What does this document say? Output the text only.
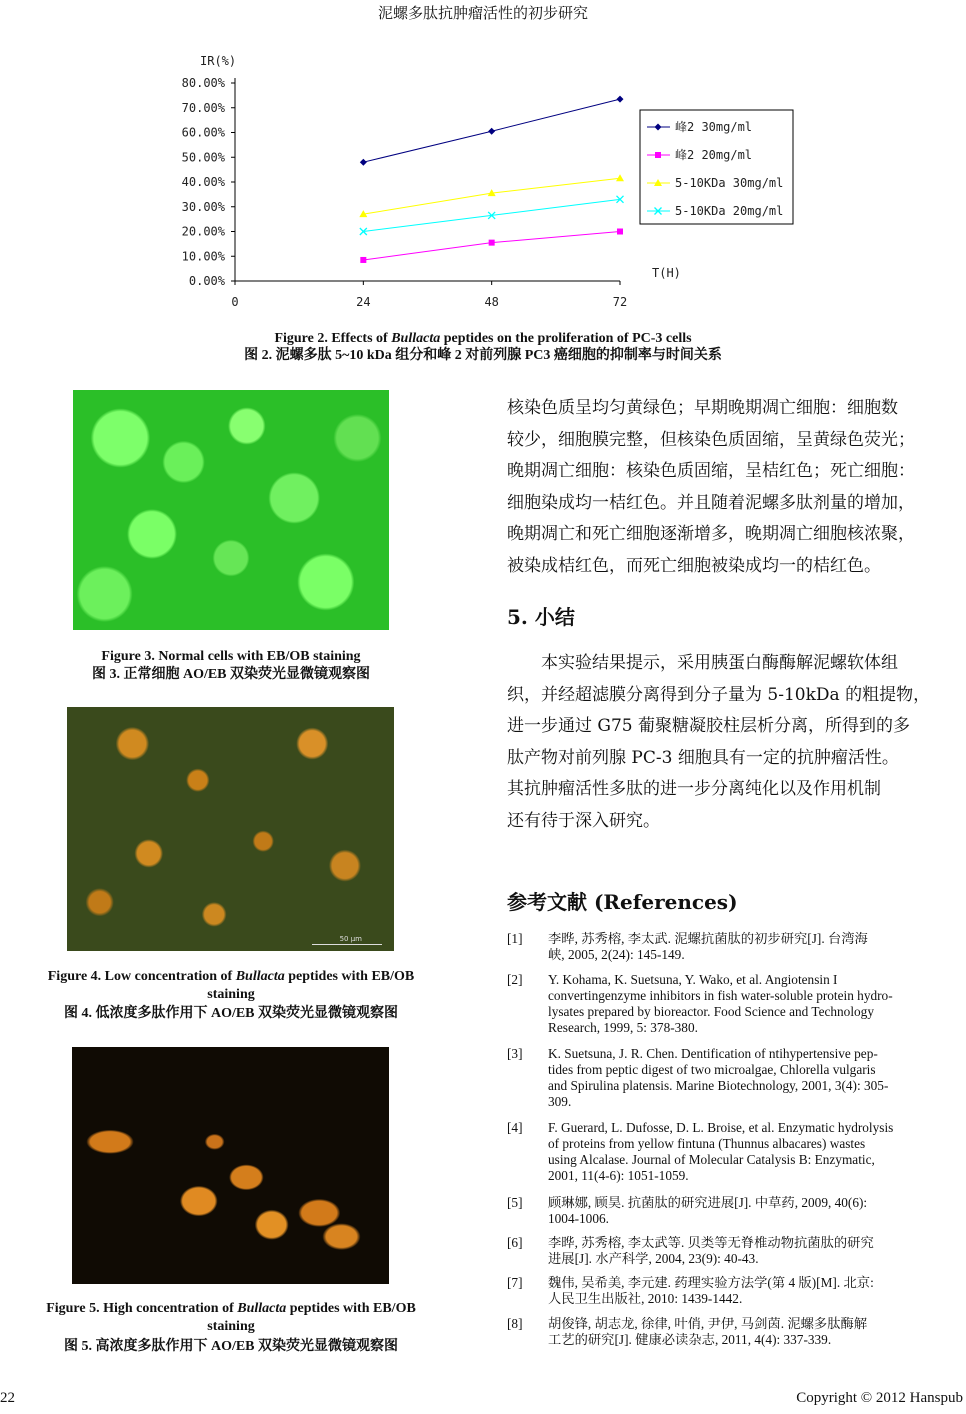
泥螺多肽抗肿瘤活性的初步研究
0.00%
10.00%
20.00%
30.00%
40.00%
50.00%
60.00%
70.00%
80.00%
0	24	48	72
IR(%)
T(H)
峰2 30mg/ml
峰2 20mg/ml
5-10KDa 30mg/ml
5-10KDa 20mg/ml
Figure 2. Effects of Bullacta peptides on the proliferation of PC-3 cells
图 2. 泥螺多肽 5~10 kDa 组分和峰 2 对前列腺 PC3 癌细胞的抑制率与时间关系
Figure 3. Normal cells with EB/OB staining
图 3. 正常细胞 AO/EB 双染荧光显微镜观察图
50 μm
Figure 4. Low concentration of Bullacta peptides with EB/OB
staining
图 4. 低浓度多肽作用下 AO/EB 双染荧光显微镜观察图
Figure 5. High concentration of Bullacta peptides with EB/OB
staining
图 5. 高浓度多肽作用下 AO/EB 双染荧光显微镜观察图
核染色质呈均匀黄绿色；早期晚期凋亡细胞：细胞数
较少，细胞膜完整，但核染色质固缩，呈黄绿色荧光；
晚期凋亡细胞：核染色质固缩，呈桔红色；死亡细胞：
细胞染成均一桔红色。并且随着泥螺多肽剂量的增加，
晚期凋亡和死亡细胞逐渐增多，晚期凋亡细胞核浓聚，
被染成桔红色，而死亡细胞被染成均一的桔红色。
5. 小结
本实验结果提示，采用胰蛋白酶酶解泥螺软体组
织，并经超滤膜分离得到分子量为 5-10kDa 的粗提物，
进一步通过 G75 葡聚糖凝胶柱层析分离，所得到的多
肽产物对前列腺 PC-3 细胞具有一定的抗肿瘤活性。
其抗肿瘤活性多肽的进一步分离纯化以及作用机制
还有待于深入研究。
参考文献 (References)
[1] 李晔, 苏秀榕, 李太武. 泥螺抗菌肽的初步研究[J]. 台湾海
峡, 2005, 2(24): 145-149.
[2] Y. Kohama, K. Suetsuna, Y. Wako, et al. Angiotensin I
convertingenzyme inhibitors in fish water-soluble protein hydro-
lysates prepared by bioreactor. Food Science and Technology
Research, 1999, 5: 378-380.
[3] K. Suetsuna, J. R. Chen. Dentification of ntihypertensive pep-
tides from peptic digest of two microalgae, Chlorella vulgaris
and Spirulina platensis. Marine Biotechnology, 2001, 3(4): 305-
309.
[4] F. Guerard, L. Dufosse, D. L. Broise, et al. Enzymatic hydrolysis
of proteins from yellow fintuna (Thunnus albacares) wastes
using Alcalase. Journal of Molecular Catalysis B: Enzymatic,
2001, 11(4-6): 1051-1059.
[5] 顾琳娜, 顾昊. 抗菌肽的研究进展[J]. 中草药, 2009, 40(6):
1004-1006.
[6] 李晔, 苏秀榕, 李太武等. 贝类等无脊椎动物抗菌肽的研究
进展[J]. 水产科学, 2004, 23(9): 40-43.
[7] 魏伟, 吴希美, 李元建. 药理实验方法学(第 4 版)[M]. 北京:
人民卫生出版社, 2010: 1439-1442.
[8] 胡俊锋, 胡志龙, 徐律, 叶俏, 尹伊, 马剑茵. 泥螺多肽酶解
工艺的研究[J]. 健康必读杂志, 2011, 4(4): 337-339.
22	Copyright © 2012 Hanspub
